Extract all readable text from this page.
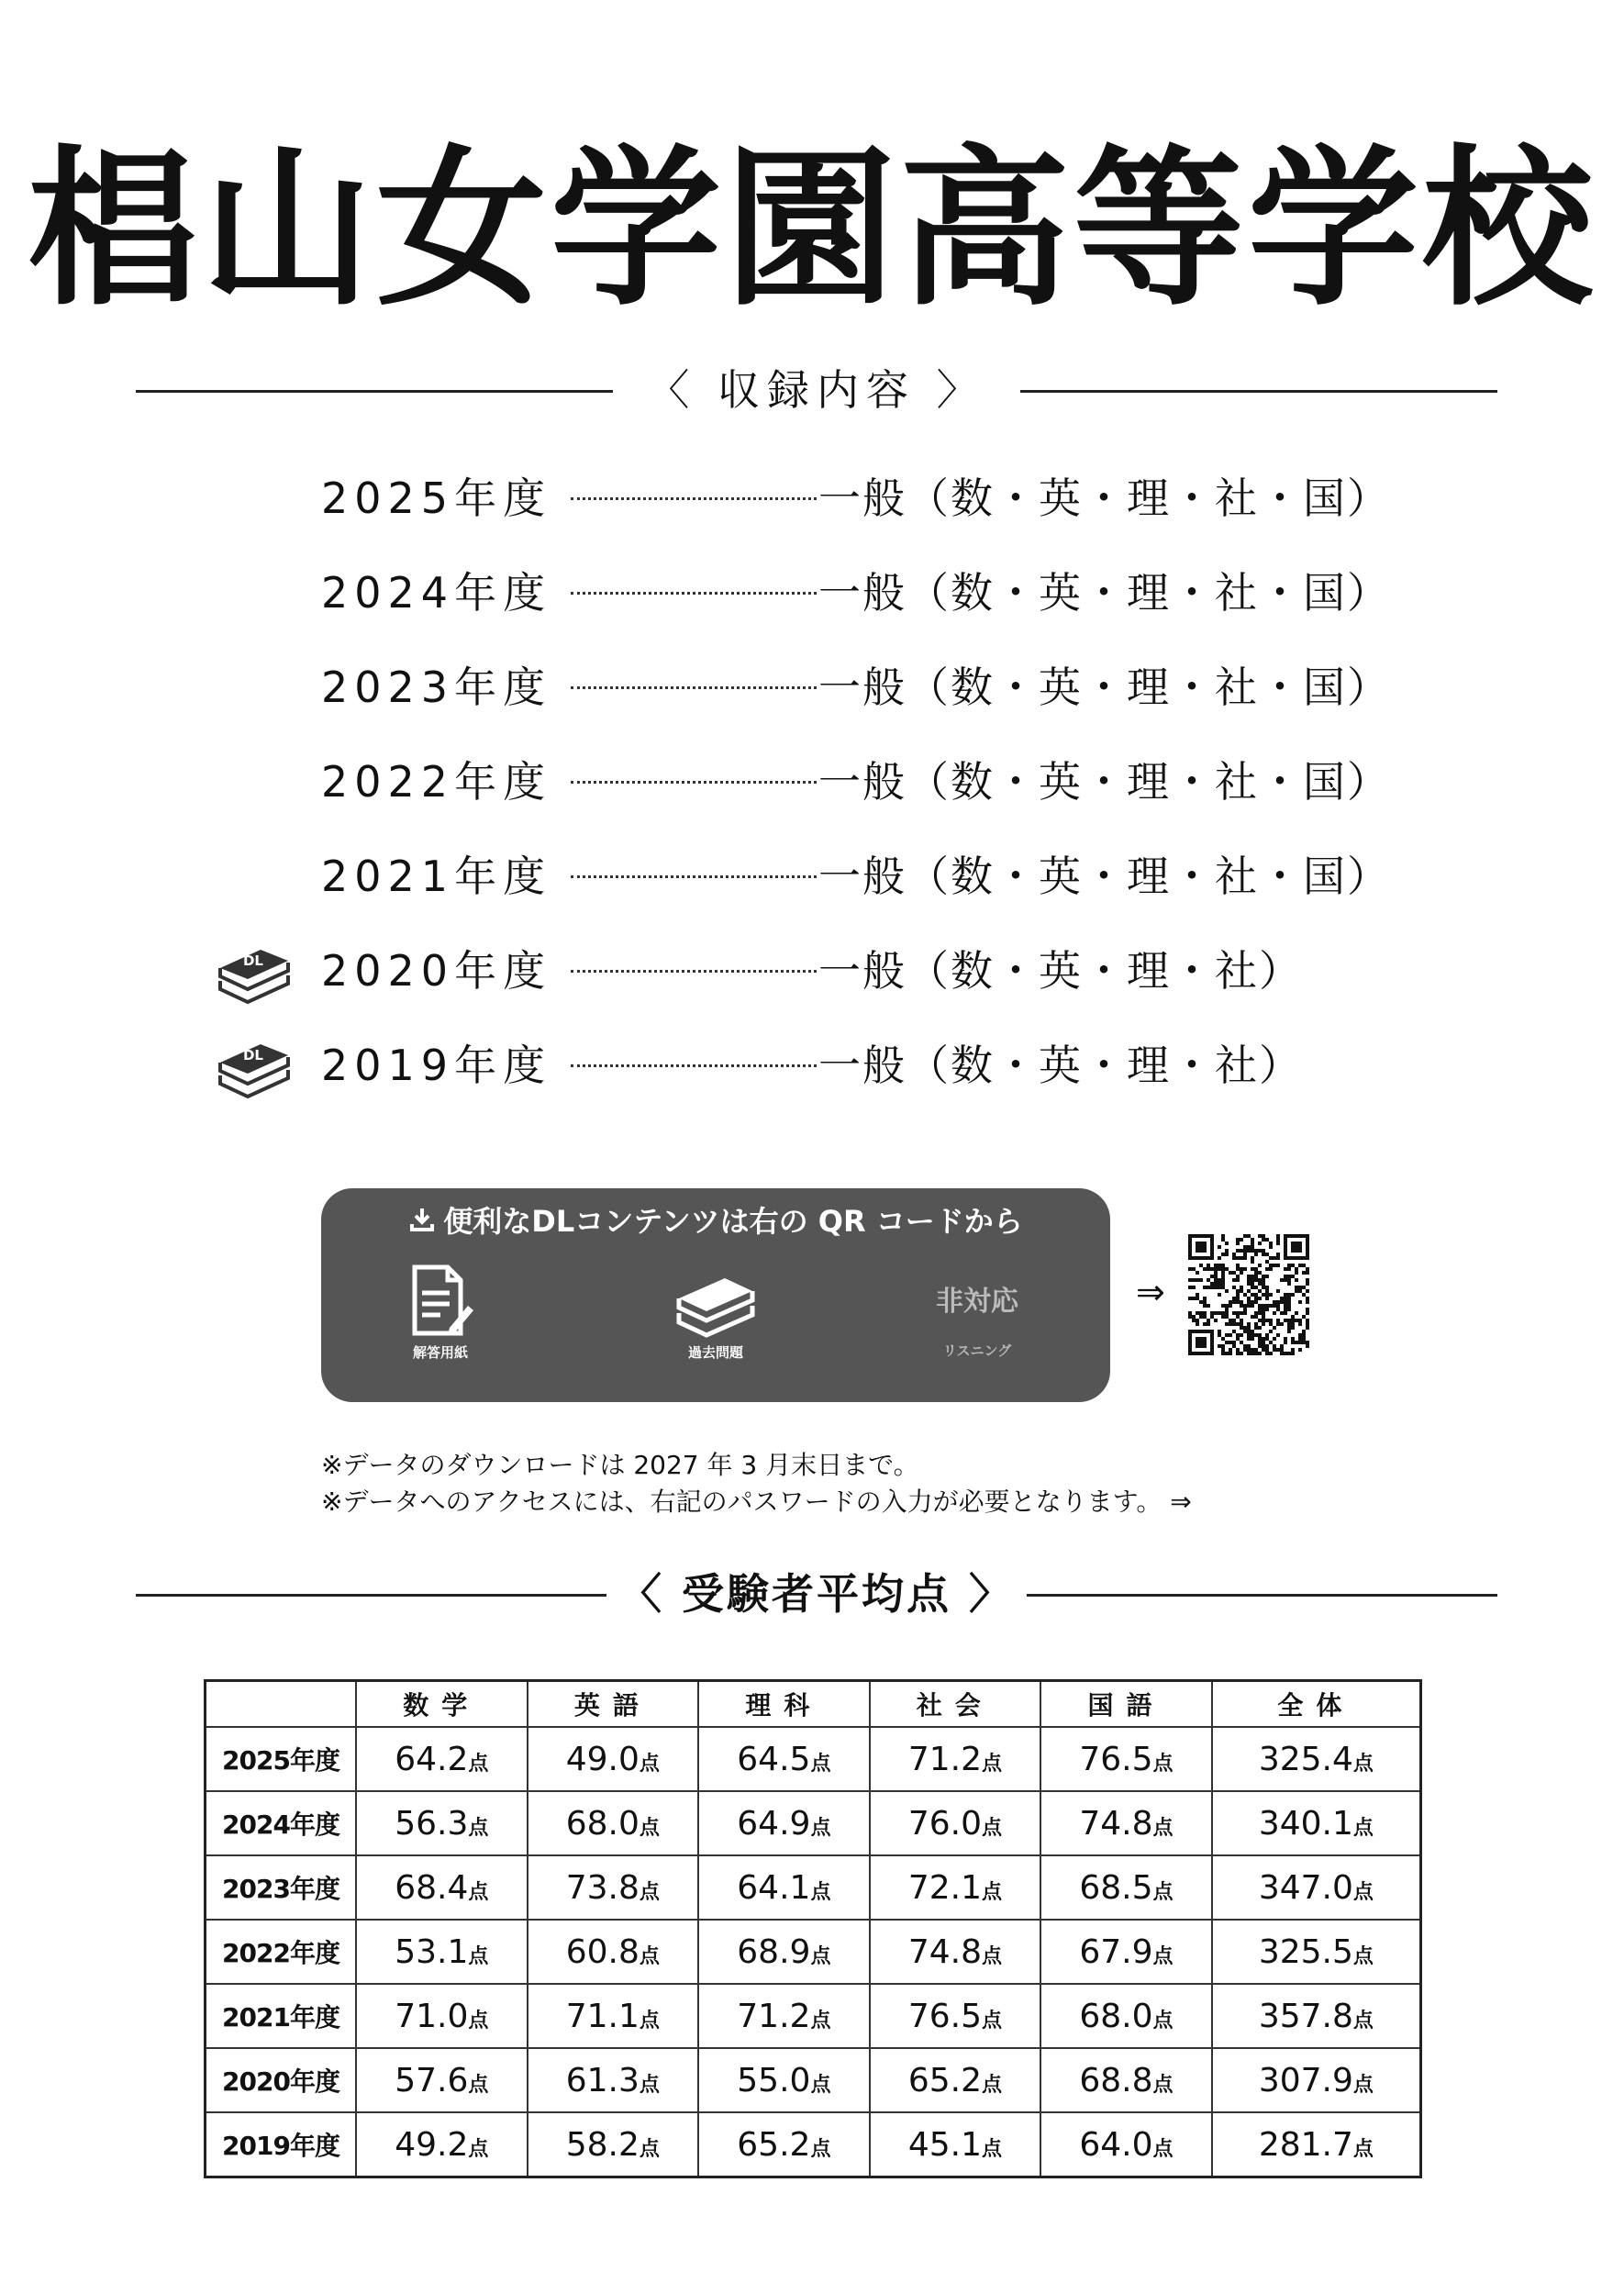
椙山女学園高等学校
〈 収録内容 〉
2025年度	一般（数・英・理・社・国）
2024年度	一般（数・英・理・社・国）
2023年度	一般（数・英・理・社・国）
2022年度	一般（数・英・理・社・国）
2021年度	一般（数・英・理・社・国）
DL 2020年度	一般（数・英・理・社）
DL 2019年度	一般（数・英・理・社）
便利なDLコンテンツは右の QR コードから
解答用紙	過去問題
非対応
リスニング
⇒
※データのダウンロードは 2027 年 3 月末日まで。
※データへのアクセスには、右記のパスワードの入力が必要となります。 ⇒
〈 受験者平均点 〉
	数学	英語	理科	社会	国語	全体
2025年度	64.2点	49.0点	64.5点	71.2点	76.5点	325.4点
2024年度	56.3点	68.0点	64.9点	76.0点	74.8点	340.1点
2023年度	68.4点	73.8点	64.1点	72.1点	68.5点	347.0点
2022年度	53.1点	60.8点	68.9点	74.8点	67.9点	325.5点
2021年度	71.0点	71.1点	71.2点	76.5点	68.0点	357.8点
2020年度	57.6点	61.3点	55.0点	65.2点	68.8点	307.9点
2019年度	49.2点	58.2点	65.2点	45.1点	64.0点	281.7点
